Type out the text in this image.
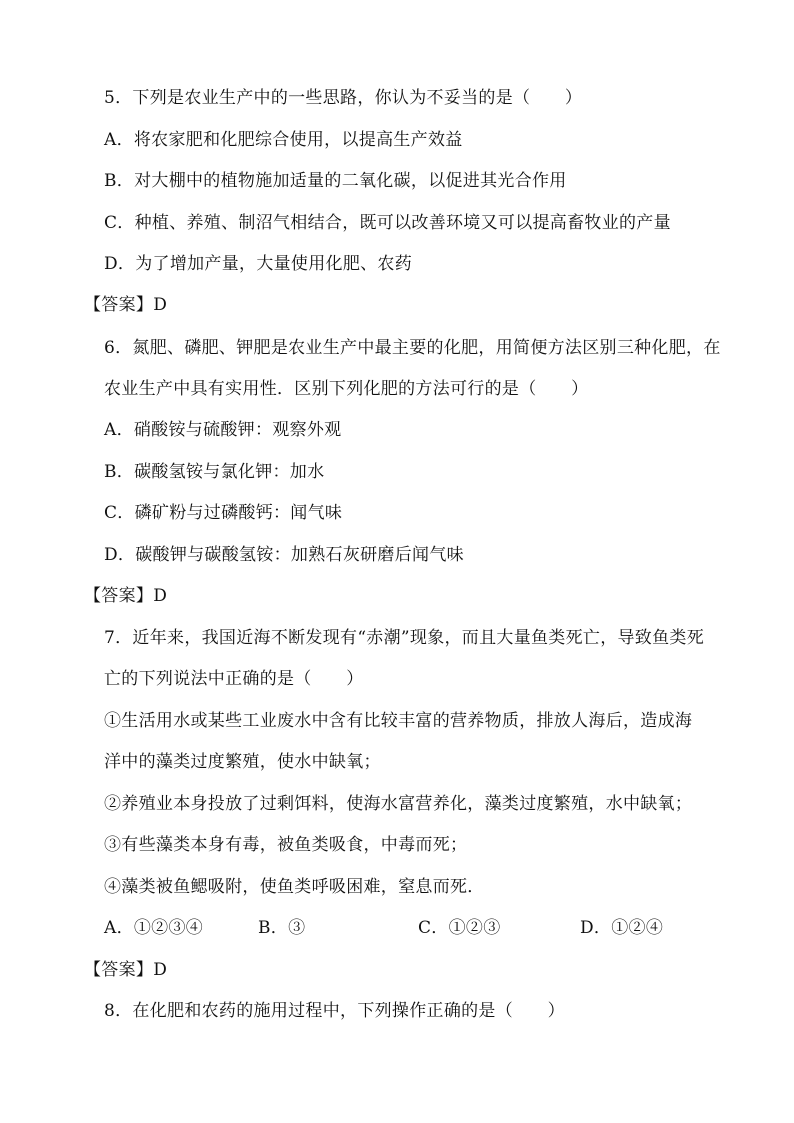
5．下列是农业生产中的一些思路，你认为不妥当的是（　　）
A．将农家肥和化肥综合使用，以提高生产效益
B．对大棚中的植物施加适量的二氧化碳，以促进其光合作用
C．种植、养殖、制沼气相结合，既可以改善环境又可以提高畜牧业的产量
D．为了增加产量，大量使用化肥、农药
【答案】D
6．氮肥、磷肥、钾肥是农业生产中最主要的化肥，用简便方法区别三种化肥，在
农业生产中具有实用性．区别下列化肥的方法可行的是（　　）
A．硝酸铵与硫酸钾：观察外观
B．碳酸氢铵与氯化钾：加水
C．磷矿粉与过磷酸钙：闻气味
D．碳酸钾与碳酸氢铵：加熟石灰研磨后闻气味
【答案】D
7．近年来，我国近海不断发现有“赤潮”现象，而且大量鱼类死亡，导致鱼类死
亡的下列说法中正确的是（　　）
①生活用水或某些工业废水中含有比较丰富的营养物质，排放人海后，造成海
洋中的藻类过度繁殖，使水中缺氧；
②养殖业本身投放了过剩饵料，使海水富营养化，藻类过度繁殖，水中缺氧；
③有些藻类本身有毒，被鱼类吸食，中毒而死；
④藻类被鱼鳃吸附，使鱼类呼吸困难，窒息而死．
A．①②③④	B．③	C．①②③	D．①②④
【答案】D
8．在化肥和农药的施用过程中，下列操作正确的是（　　）
